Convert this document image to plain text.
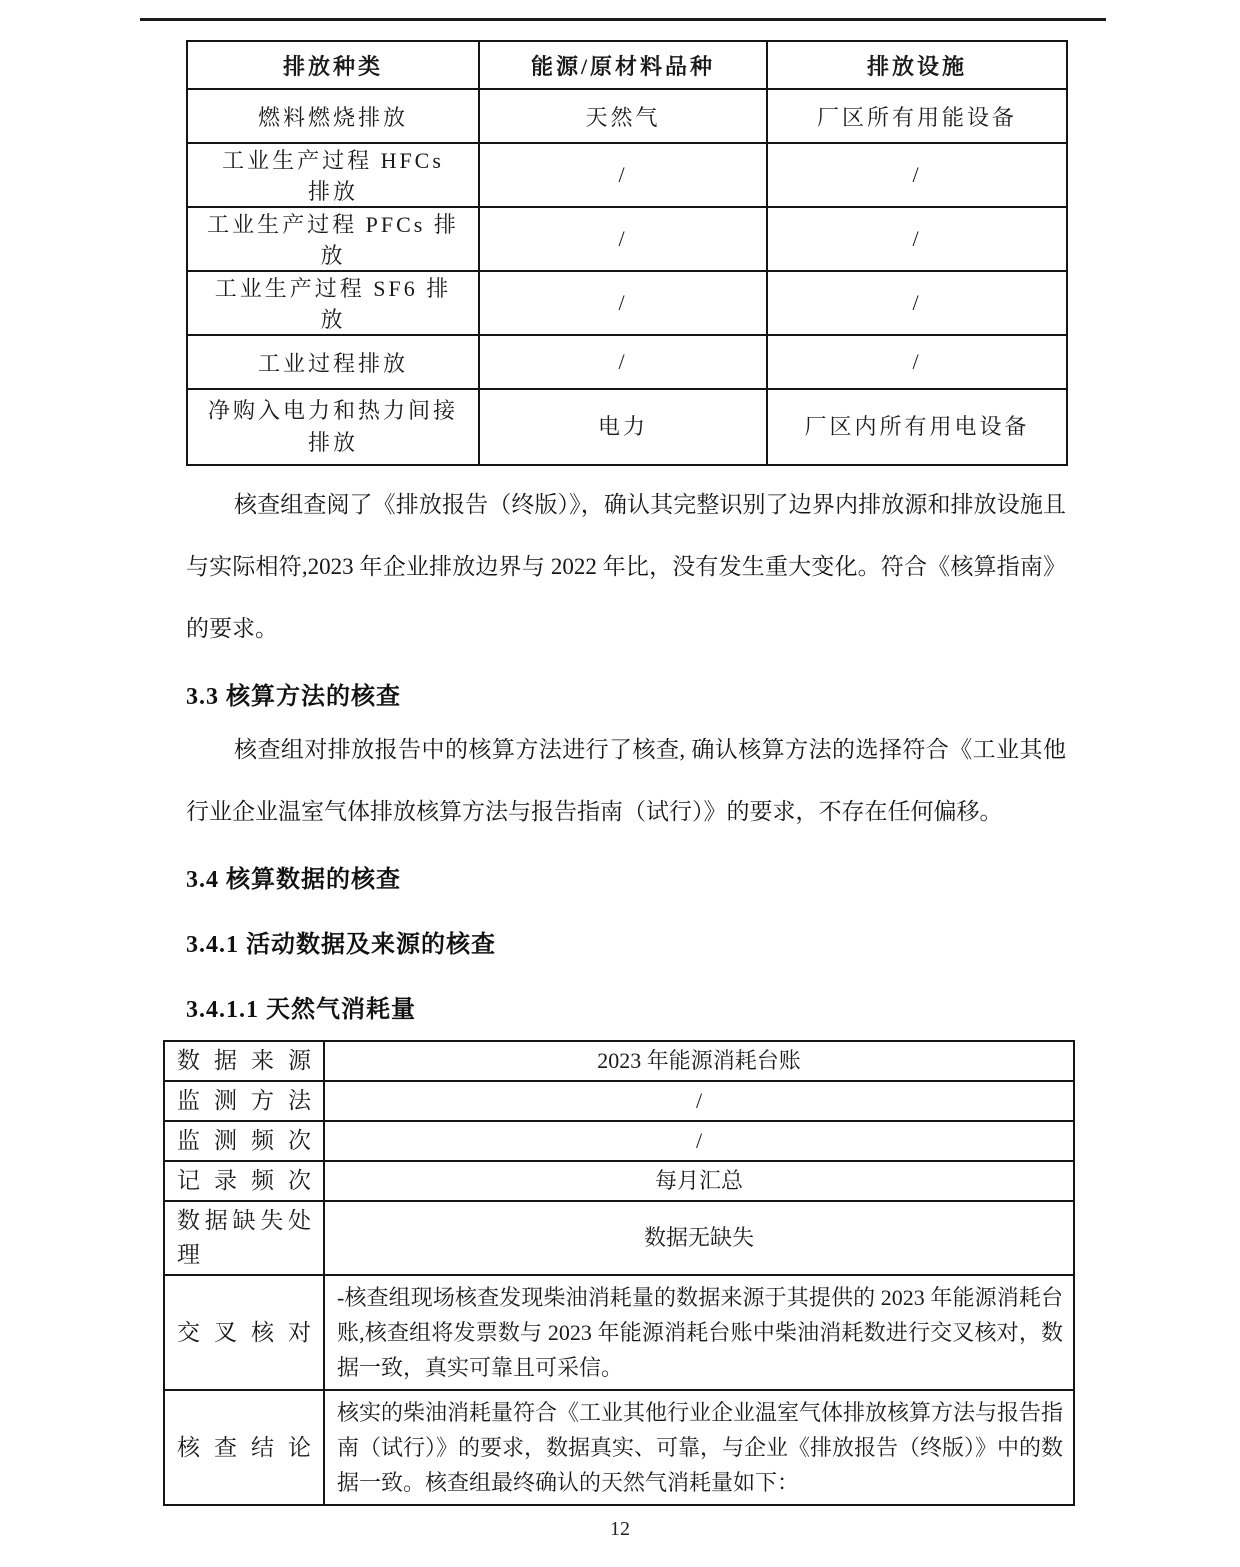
排放种类	能源/原材料品种	排放设施
燃料燃烧排放	天然气	厂区所有用能设备
工业生产过程 HFCs 排放	/	/
工业生产过程 PFCs 排放	/	/
工业生产过程 SF6 排放	/	/
工业过程排放	/	/
净购入电力和热力间接排放	电力	厂区内所有用电设备

核查组查阅了《排放报告（终版）》，确认其完整识别了边界内排放源和排放设施且与实际相符,2023 年企业排放边界与 2022 年比，没有发生重大变化。符合《核算指南》的要求。

3.3 核算方法的核查

核查组对排放报告中的核算方法进行了核查, 确认核算方法的选择符合《工业其他行业企业温室气体排放核算方法与报告指南（试行）》的要求，不存在任何偏移。

3.4 核算数据的核查
3.4.1 活动数据及来源的核查
3.4.1.1 天然气消耗量
数据来源	2023 年能源消耗台账
监测方法	/
监测频次	/
记录频次	每月汇总
数据缺失处理	数据无缺失
交叉核对	-核查组现场核查发现柴油消耗量的数据来源于其提供的 2023 年能源消耗台账,核查组将发票数与 2023 年能源消耗台账中柴油消耗数进行交叉核对，数据一致，真实可靠且可采信。
核查结论	核实的柴油消耗量符合《工业其他行业企业温室气体排放核算方法与报告指南（试行）》的要求，数据真实、可靠，与企业《排放报告（终版）》中的数据一致。核查组最终确认的天然气消耗量如下：
12
